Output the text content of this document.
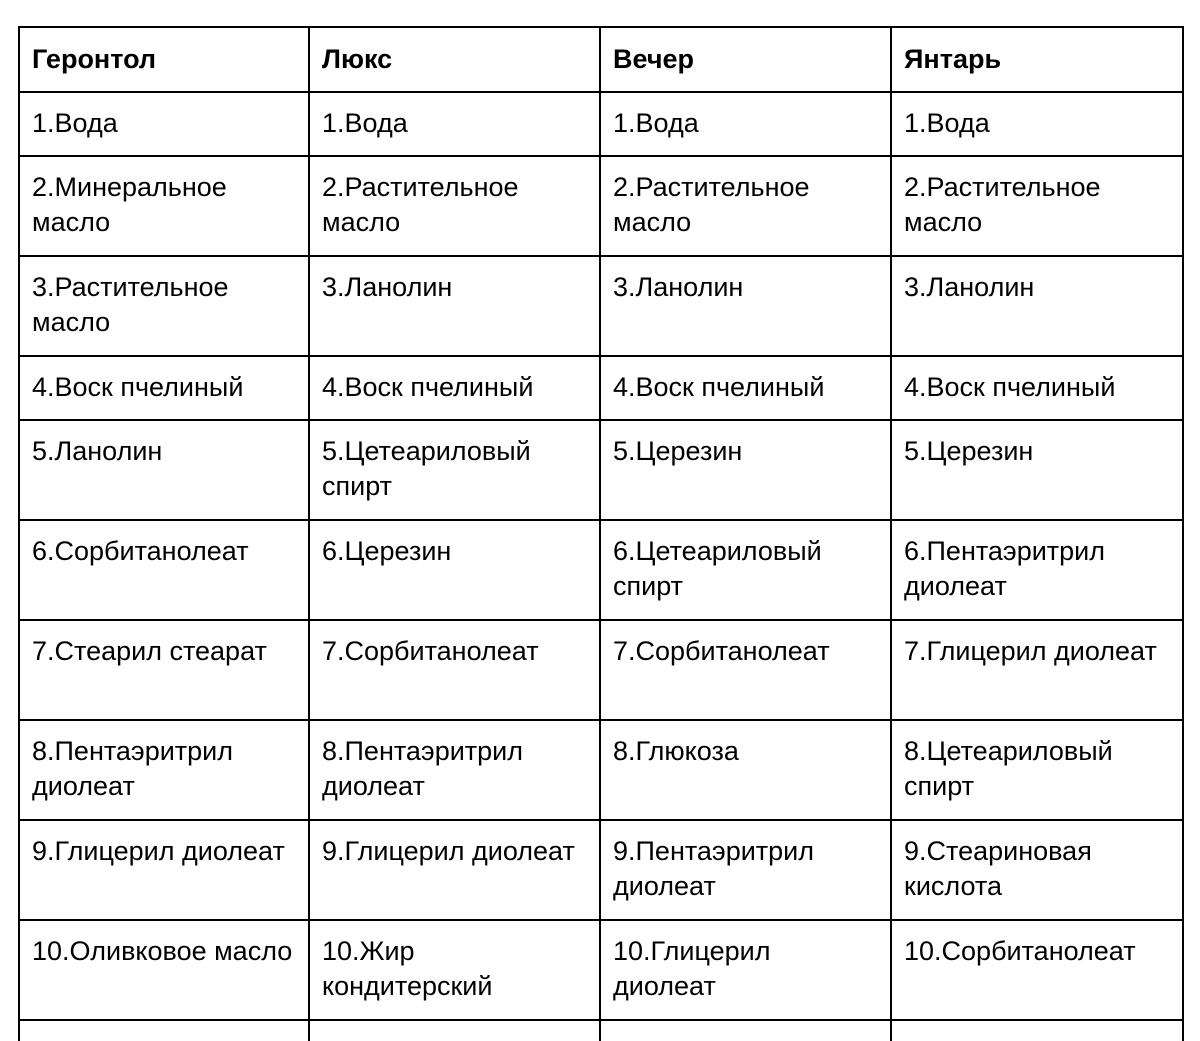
Геронтол	Люкс	Вечер	Янтарь
1.Вода	1.Вода	1.Вода	1.Вода
2.Минеральное масло	2.Растительное масло	2.Растительное масло	2.Растительное масло
3.Растительное масло	3.Ланолин	3.Ланолин	3.Ланолин
4.Воск пчелиный	4.Воск пчелиный	4.Воск пчелиный	4.Воск пчелиный
5.Ланолин	5.Цетеариловый спирт	5.Церезин	5.Церезин
6.Сорбитанолеат	6.Церезин	6.Цетеариловый спирт	6.Пентаэритрил диолеат
7.Стеарил стеарат	7.Сорбитанолеат	7.Сорбитанолеат	7.Глицерил диолеат
8.Пентаэритрил диолеат	8.Пентаэритрил диолеат	8.Глюкоза	8.Цетеариловый спирт
9.Глицерил диолеат	9.Глицерил диолеат	9.Пентаэритрил диолеат	9.Стеариновая кислота
10.Оливковое масло	10.Жир кондитерский	10.Глицерил диолеат	10.Сорбитанолеат
